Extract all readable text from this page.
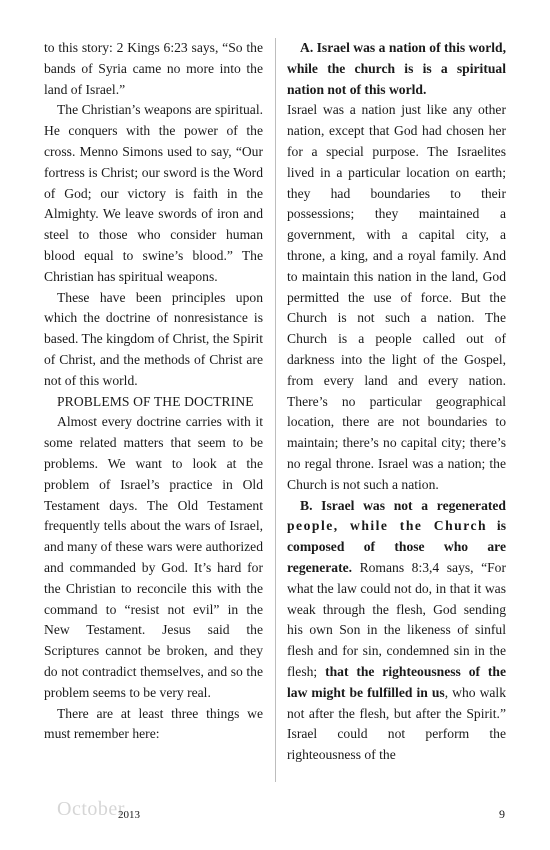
to this story: 2 Kings 6:23 says, “So the bands of Syria came no more into the land of Israel.”

The Christian’s weapons are spiritual. He conquers with the power of the cross. Menno Simons used to say, “Our fortress is Christ; our sword is the Word of God; our victory is faith in the Almighty. We leave swords of iron and steel to those who consider human blood equal to swine’s blood.” The Christian has spiritual weapons.

These have been principles upon which the doctrine of nonresistance is based. The kingdom of Christ, the Spirit of Christ, and the methods of Christ are not of this world.

PROBLEMS OF THE DOCTRINE

Almost every doctrine carries with it some related matters that seem to be problems. We want to look at the problem of Israel’s practice in Old Testament days. The Old Testament frequently tells about the wars of Israel, and many of these wars were authorized and commanded by God. It’s hard for the Christian to reconcile this with the command to “resist not evil” in the New Testament. Jesus said the Scriptures cannot be broken, and they do not contradict themselves, and so the problem seems to be very real.

There are at least three things we must remember here:

A. Israel was a nation of this world, while the church is is a spiritual nation not of this world.

Israel was a nation just like any other nation, except that God had chosen her for a special purpose. The Israelites lived in a particular location on earth; they had boundaries to their possessions; they maintained a government, with a capital city, a throne, a king, and a royal family. And to maintain this nation in the land, God permitted the use of force. But the Church is not such a nation. The Church is a people called out of darkness into the light of the Gospel, from every land and every nation. There’s no particular geographical location, there are not boundaries to maintain; there’s no capital city; there’s no regal throne. Israel was a nation; the Church is not such a nation.

B. Israel was not a regenerated people, while the Church is composed of those who are regenerate. Romans 8:3,4 says, “For what the law could not do, in that it was weak through the flesh, God sending his own Son in the likeness of sinful flesh and for sin, condemned sin in the flesh; that the righteousness of the law might be fulfilled in us, who walk not after the flesh, but after the Spirit.” Israel could not perform the righteousness of the

October
2013	9
